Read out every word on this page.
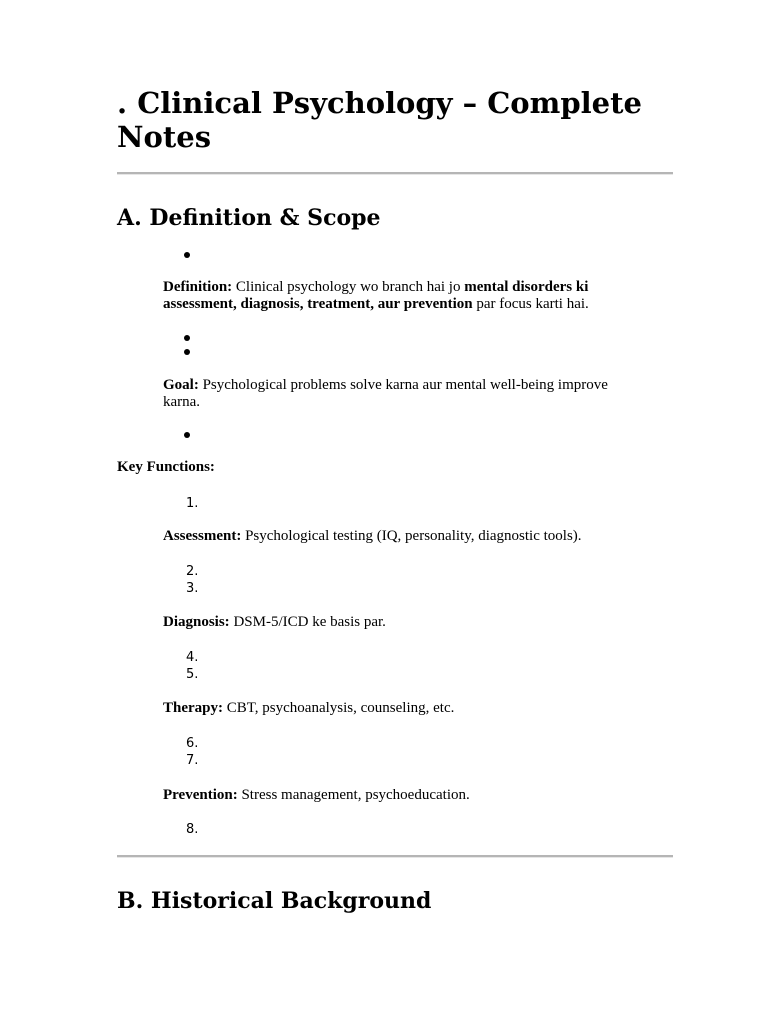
. Clinical Psychology – Complete Notes
A. Definition & Scope

Definition: Clinical psychology wo branch hai jo mental disorders ki assessment, diagnosis, treatment, aur prevention par focus karti hai.

Goal: Psychological problems solve karna aur mental well-being improve karna.

Key Functions:

1.

Assessment: Psychological testing (IQ, personality, diagnostic tools).

2.
3.

Diagnosis: DSM-5/ICD ke basis par.

4.
5.

Therapy: CBT, psychoanalysis, counseling, etc.

6.
7.

Prevention: Stress management, psychoeducation.

8.
B. Historical Background
